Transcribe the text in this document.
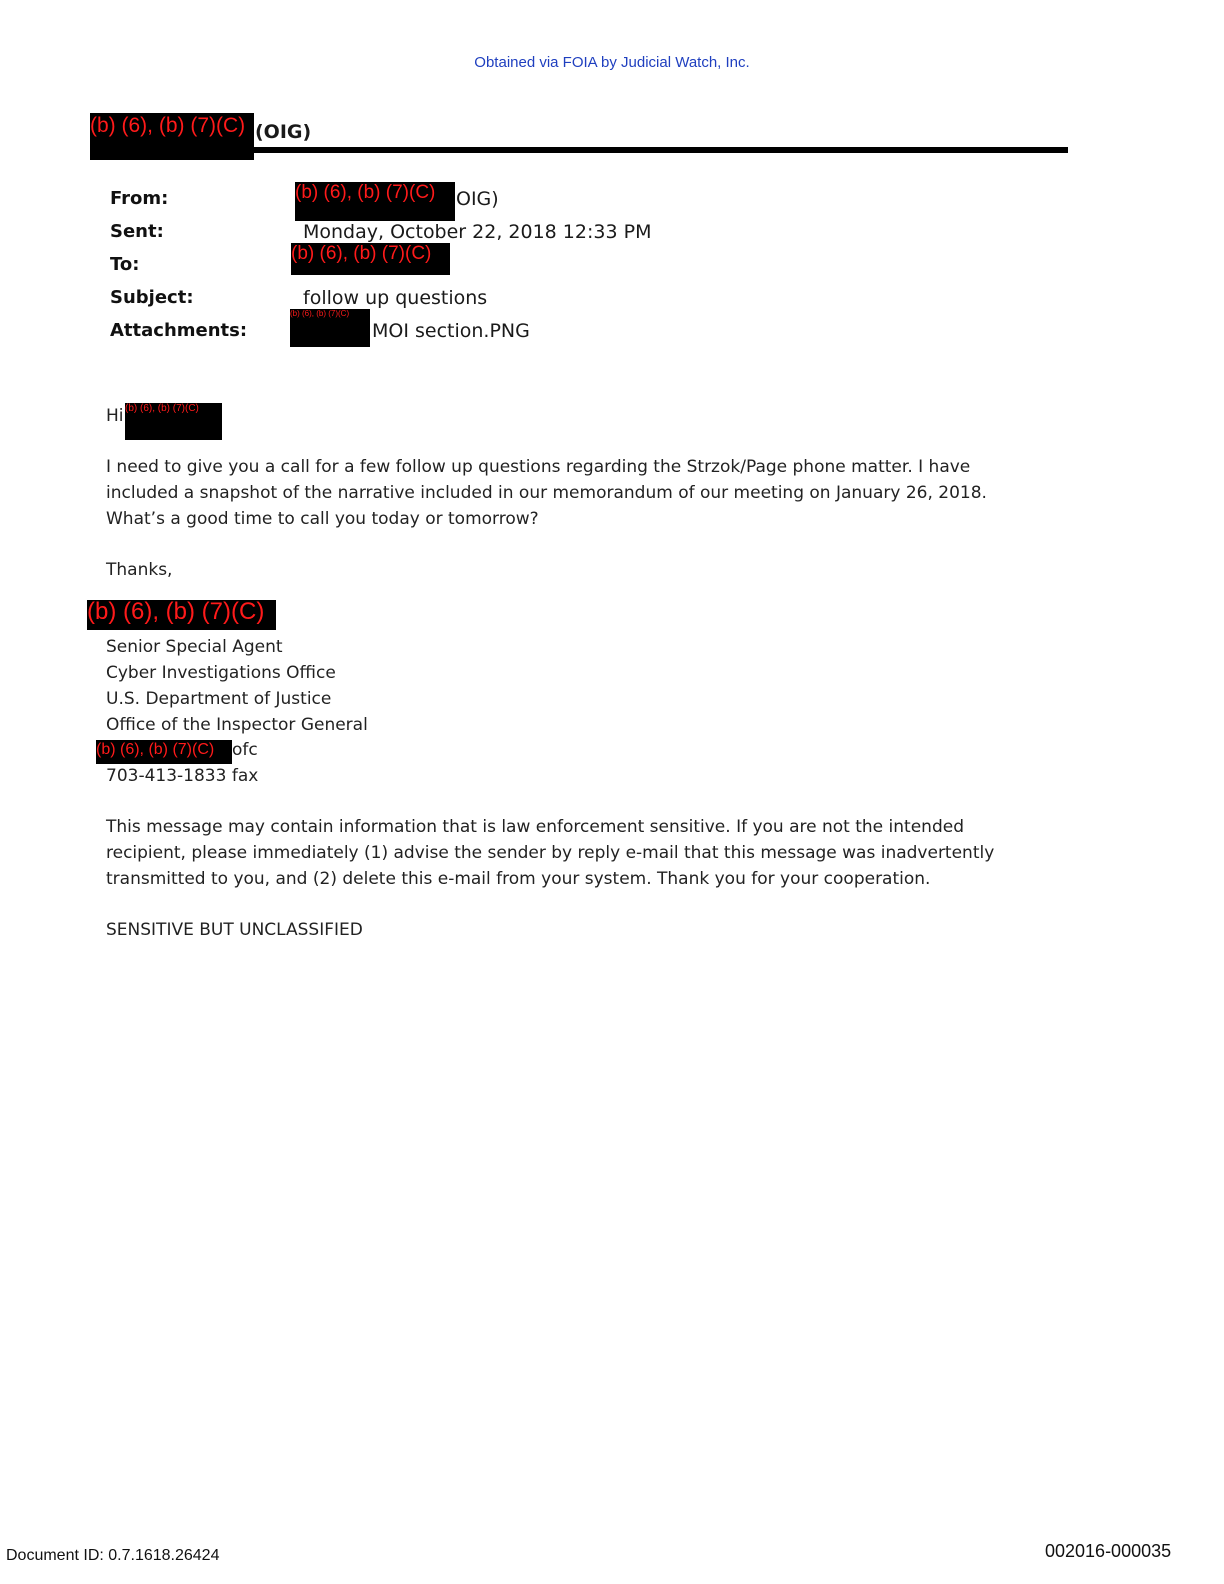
Obtained via FOIA by Judicial Watch, Inc.
(b) (6), (b) (7)(C) (OIG)
From:	(b) (6), (b) (7)(C)	OIG)
Sent:	Monday, October 22, 2018 12:33 PM
To:
(b) (6), (b) (7)(C)
Subject:	follow up questions
Attachments:
(b) (6), (b) (7)(C)
MOI section.PNG
Hi (b) (6), (b) (7)(C)
I need to give you a call for a few follow up questions regarding the Strzok/Page phone matter. I have
included a snapshot of the narrative included in our memorandum of our meeting on January 26, 2018.
What’s a good time to call you today or tomorrow?
Thanks,
(b) (6), (b) (7)(C)
Senior Special Agent
Cyber Investigations Office
U.S. Department of Justice
Office of the Inspector General
(b) (6), (b) (7)(C)	ofc
703-413-1833 fax
This message may contain information that is law enforcement sensitive. If you are not the intended
recipient, please immediately (1) advise the sender by reply e-mail that this message was inadvertently
transmitted to you, and (2) delete this e-mail from your system. Thank you for your cooperation.
SENSITIVE BUT UNCLASSIFIED
Document ID: 0.7.1618.26424	002016-000035
